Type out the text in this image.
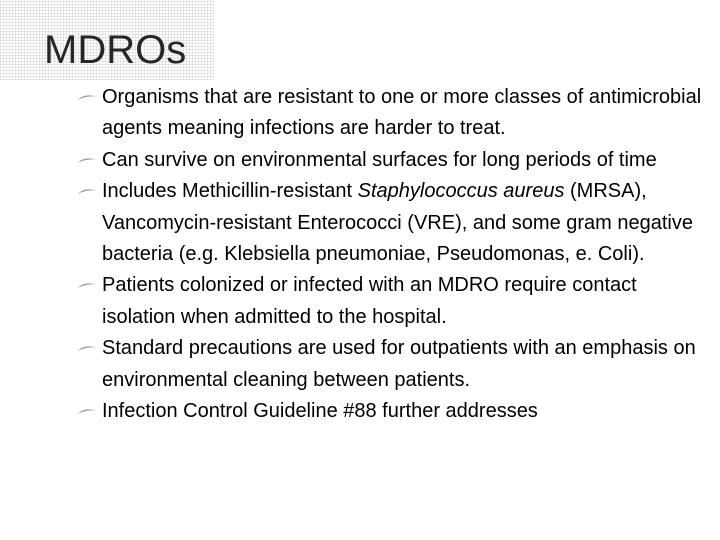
MDROs
Organisms that are resistant to one or more classes of antimicrobial agents meaning infections are harder to treat.
Can survive on environmental surfaces for long periods of time
Includes Methicillin-resistant Staphylococcus aureus (MRSA), Vancomycin-resistant Enterococci (VRE), and some gram negative bacteria (e.g. Klebsiella pneumoniae, Pseudomonas, e. Coli).
Patients colonized or infected with an MDRO require contact isolation when admitted to the hospital.
Standard precautions are used for outpatients with an emphasis on environmental cleaning between patients.
Infection Control Guideline #88 further addresses
